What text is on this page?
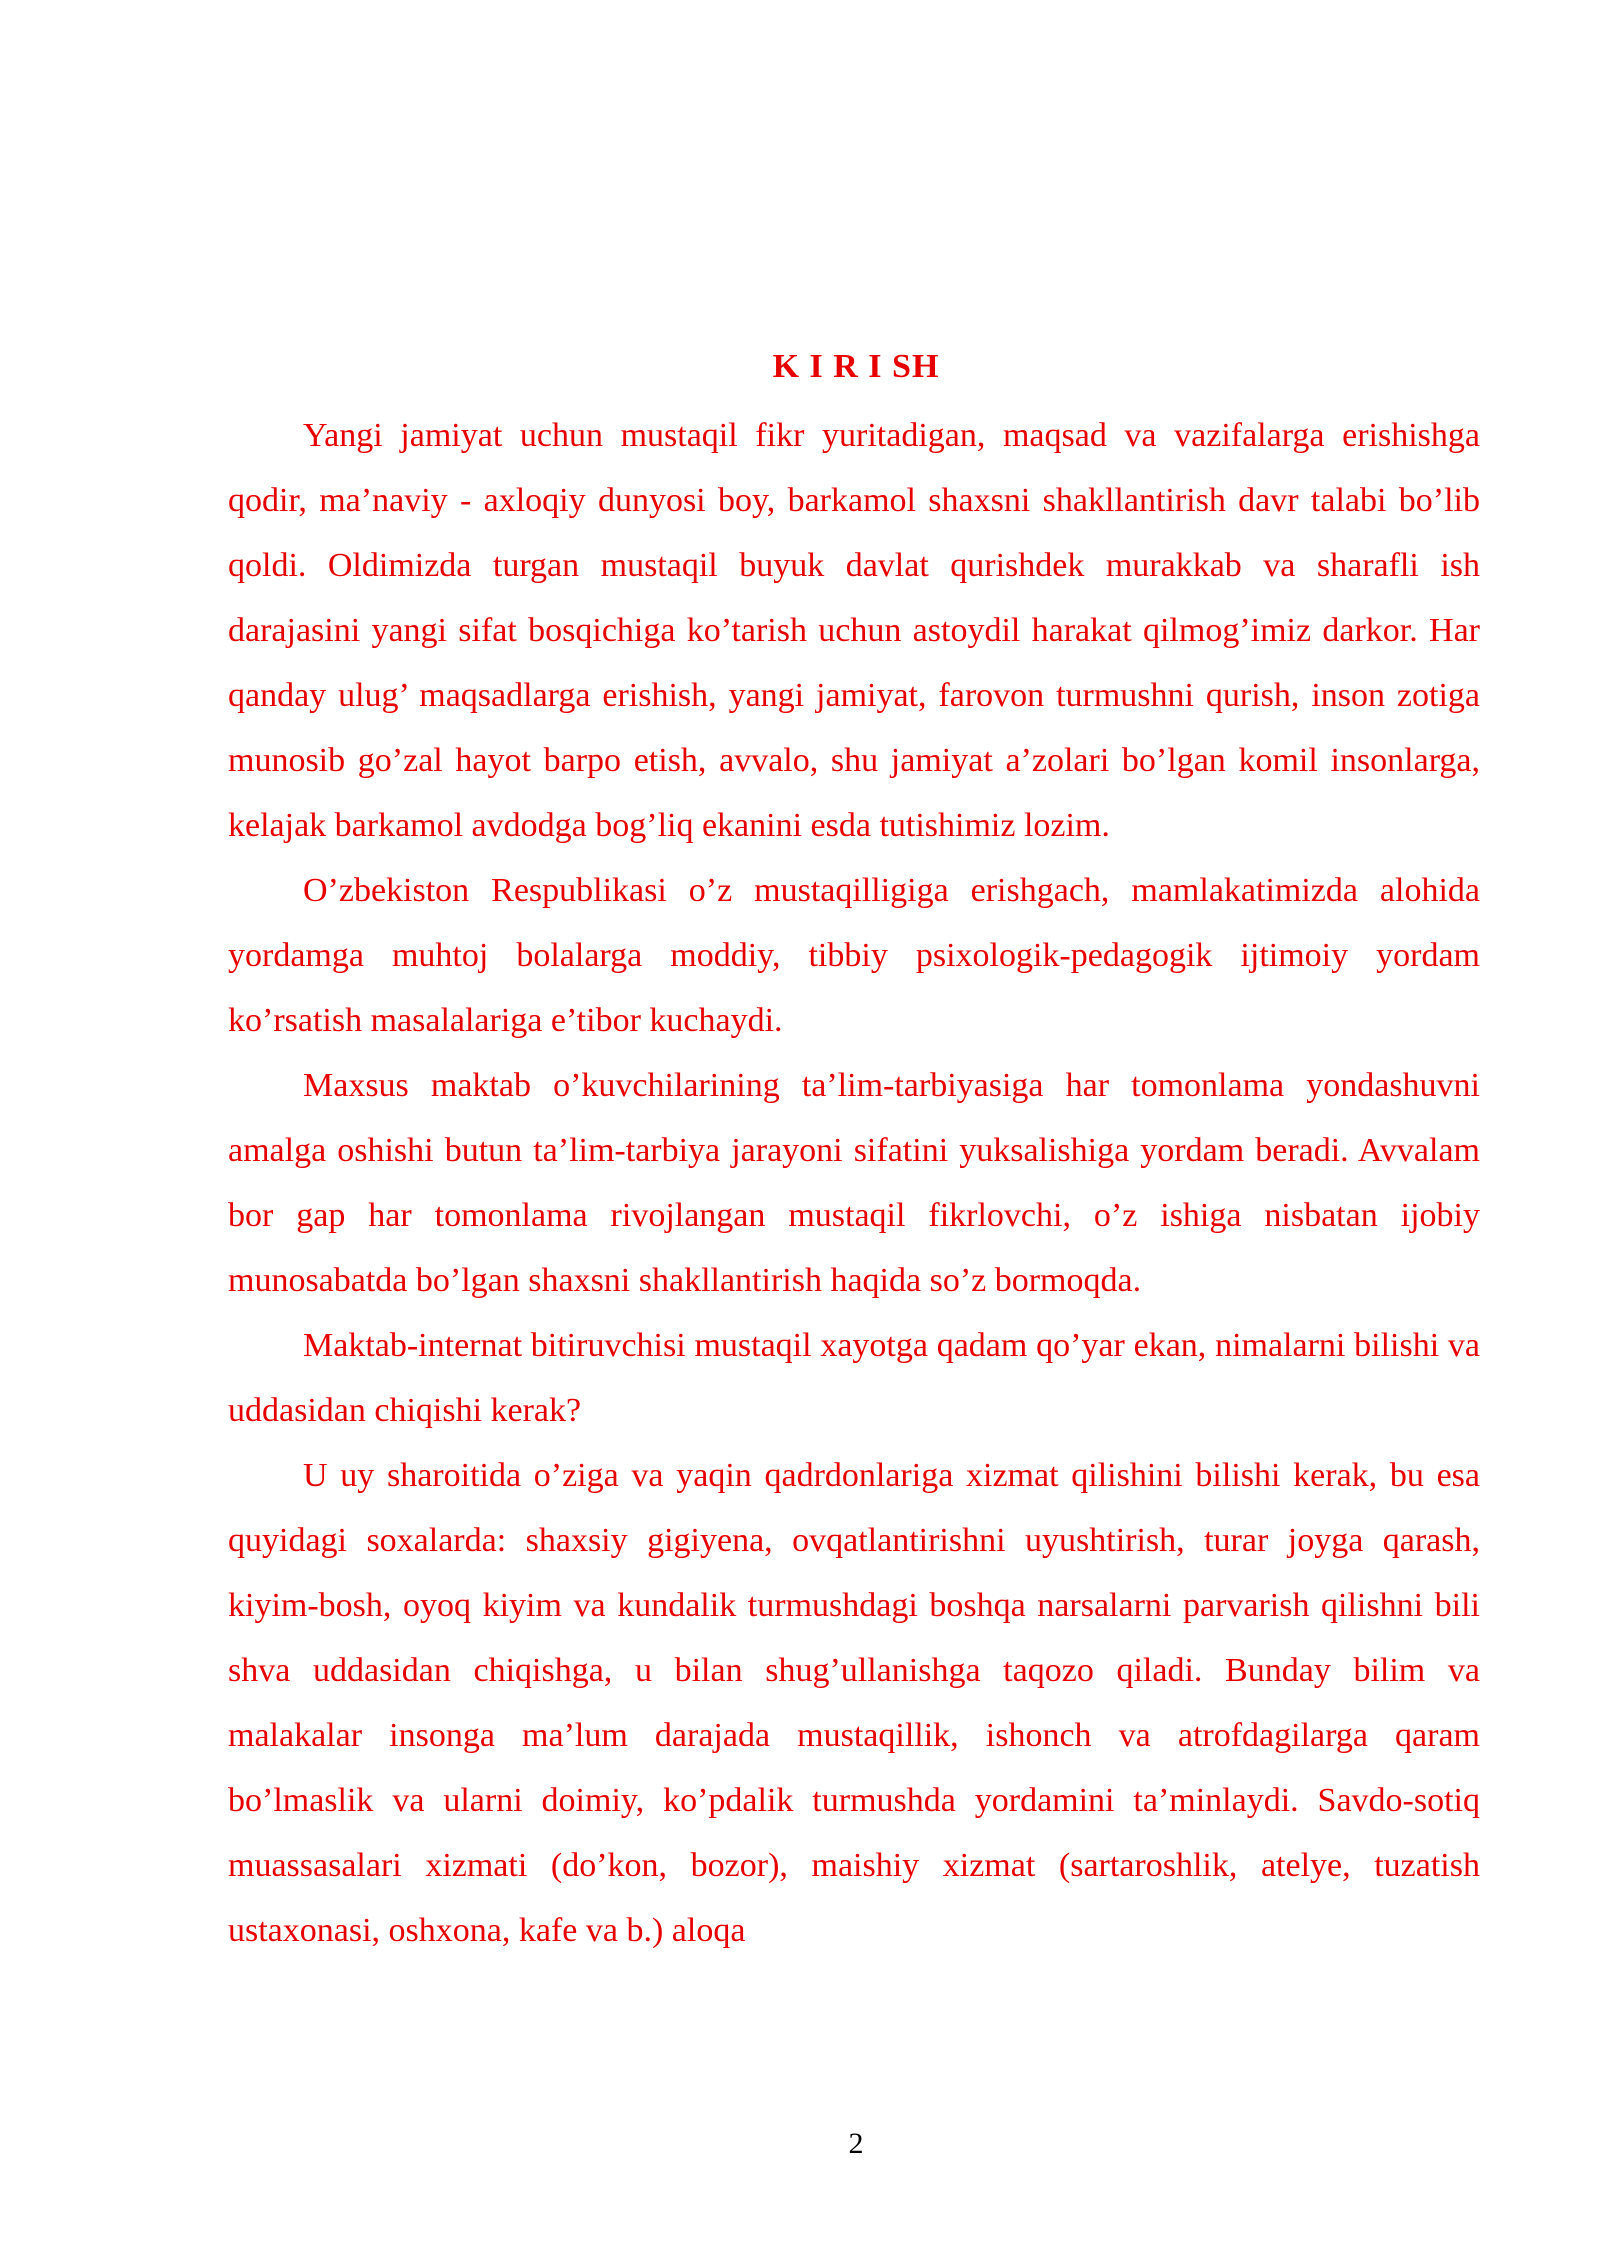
K I R I SH

Yangi jamiyat uchun mustaqil fikr yuritadigan, maqsad va vazifalarga erishishga qodir, ma’naviy - axloqiy dunyosi boy, barkamol shaxsni shakllantirish davr talabi bo’lib qoldi. Oldimizda turgan mustaqil buyuk davlat qurishdek murakkab va sharafli ish darajasini yangi sifat bosqichiga ko’tarish uchun astoydil harakat qilmog’imiz darkor. Har qanday ulug’ maqsadlarga erishish, yangi jamiyat, farovon turmushni qurish, inson zotiga munosib go’zal hayot barpo etish, avvalo, shu jamiyat a’zolari bo’lgan komil insonlarga, kelajak barkamol avdodga bog’liq ekanini esda tutishimiz lozim.

O’zbekiston Respublikasi o’z mustaqilligiga erishgach, mamlakatimizda alohida yordamga muhtoj bolalarga moddiy, tibbiy psixologik-pedagogik ijtimoiy yordam ko’rsatish masalalariga e’tibor kuchaydi.

Maxsus maktab o’kuvchilarining ta’lim-tarbiyasiga har tomonlama yondashuvni amalga oshishi butun ta’lim-tarbiya jarayoni sifatini yuksalishiga yordam beradi. Avvalam bor gap har tomonlama rivojlangan mustaqil fikrlovchi, o’z ishiga nisbatan ijobiy munosabatda bo’lgan shaxsni shakllantirish haqida so’z bormoqda.

Maktab-internat bitiruvchisi mustaqil xayotga qadam qo’yar ekan, nimalarni bilishi va uddasidan chiqishi kerak?

U uy sharoitida o’ziga va yaqin qadrdonlariga xizmat qilishini bilishi kerak, bu esa quyidagi soxalarda: shaxsiy gigiyena, ovqatlantirishni uyushtirish, turar joyga qarash, kiyim-bosh, oyoq kiyim va kundalik turmushdagi boshqa narsalarni parvarish qilishni bili shva uddasidan chiqishga, u bilan shug’ullanishga taqozo qiladi. Bunday bilim va malakalar insonga ma’lum darajada mustaqillik, ishonch va atrofdagilarga qaram bo’lmaslik va ularni doimiy, ko’pdalik turmushda yordamini ta’minlaydi. Savdo-sotiq muassasalari xizmati (do’kon, bozor), maishiy xizmat (sartaroshlik, atelye, tuzatish ustaxonasi, oshxona, kafe va b.) aloqa

2
